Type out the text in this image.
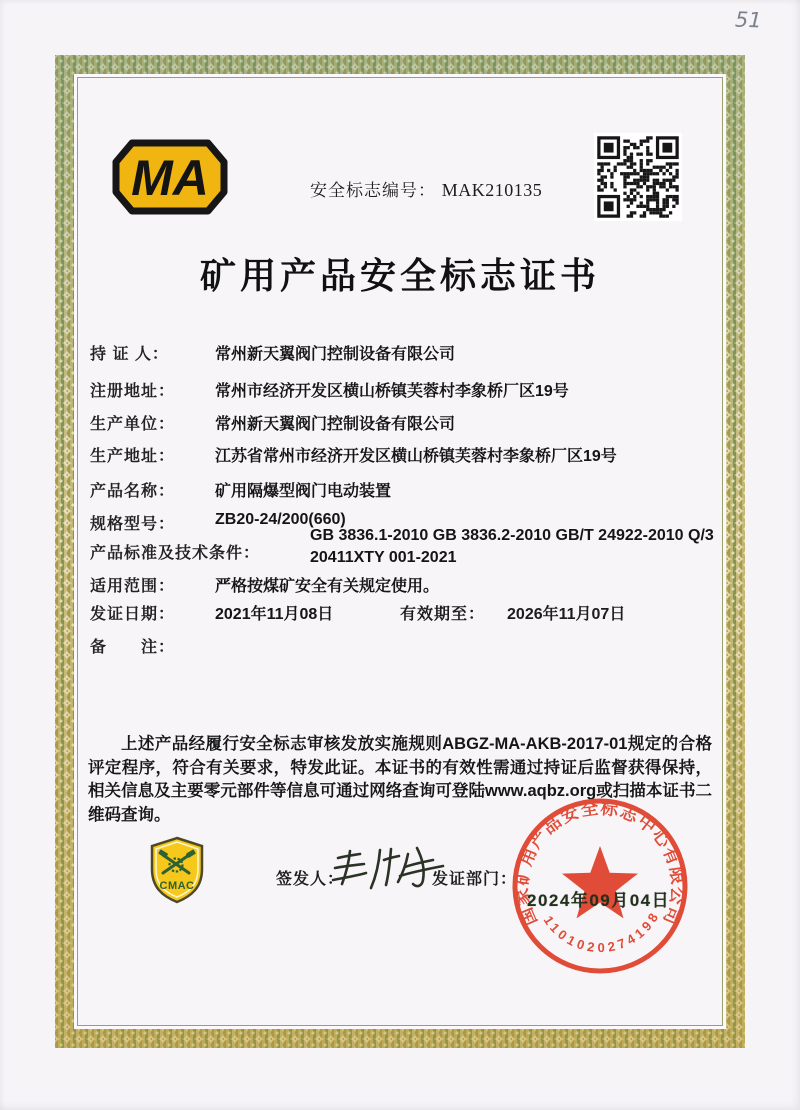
51
MA	安全标志编号： MAK210135
矿用产品安全标志证书
持 证 人：	常州新天翼阀门控制设备有限公司
注册地址： 常州市经济开发区横山桥镇芙蓉村李象桥厂区19号
生产单位： 常州新天翼阀门控制设备有限公司
生产地址： 江苏省常州市经济开发区横山桥镇芙蓉村李象桥厂区19号
产品名称： 矿用隔爆型阀门电动装置
规格型号： ZB20-24/200(660)
产品标准及技术条件：
GB 3836.1-2010 GB 3836.2-2010 GB/T 24922-2010 Q/320411XTY 001-2021
适用范围： 严格按煤矿安全有关规定使用。
发证日期： 2021年11月08日	有效期至： 2026年11月07日
备　　注：
上述产品经履行安全标志审核发放实施规则ABGZ-MA-AKB-2017-01规定的合格评定程序，符合有关要求，特发此证。本证书的有效性需通过持证后监督获得保持，相关信息及主要零元部件等信息可通过网络查询可登陆www.aqbz.org或扫描本证书二维码查询。
CMAC	签发人：	发证部门：
国家矿用产品安全标志中心有限公司
1101020274198
2024年09月04日
